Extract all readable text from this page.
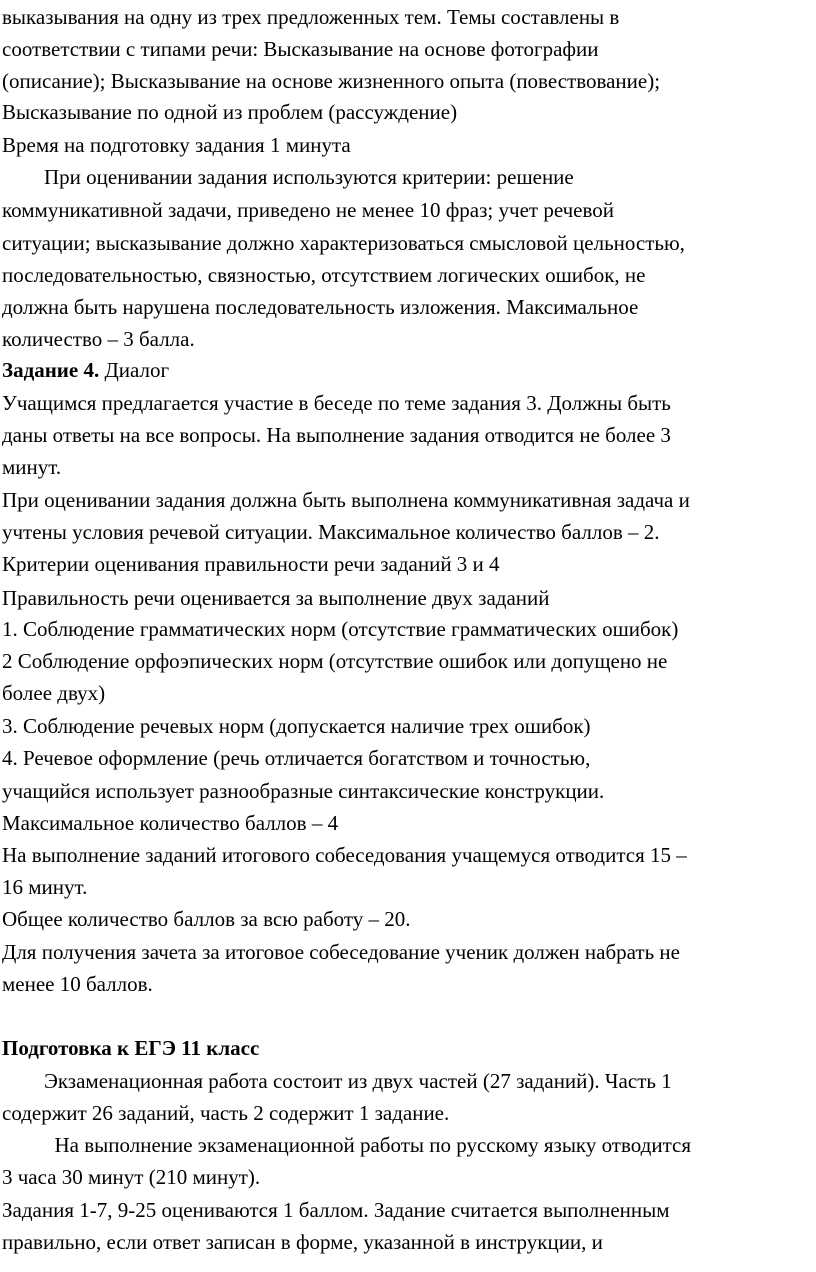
выказывания на одну из трех предложенных тем. Темы составлены в
соответствии с типами речи: Высказывание на основе фотографии
(описание); Высказывание на основе жизненного опыта (повествование);
Высказывание по одной из проблем (рассуждение)
Время на подготовку задания 1 минута
При оценивании задания используются критерии: решение
коммуникативной задачи, приведено не менее 10 фраз; учет речевой
ситуации; высказывание должно характеризоваться смысловой цельностью,
последовательностью, связностью, отсутствием логических ошибок, не
должна быть нарушена последовательность изложения. Максимальное
количество – 3 балла.
Задание 4. Диалог
Учащимся предлагается участие в беседе по теме задания 3. Должны быть
даны ответы на все вопросы. На выполнение задания отводится не более 3
минут.
При оценивании задания должна быть выполнена коммуникативная задача и
учтены условия речевой ситуации. Максимальное количество баллов – 2.
Критерии оценивания правильности речи заданий 3 и 4
Правильность речи оценивается за выполнение двух заданий
1. Соблюдение грамматических норм (отсутствие грамматических ошибок)
2 Соблюдение орфоэпических норм (отсутствие ошибок или допущено не
более двух)
3. Соблюдение речевых норм (допускается наличие трех ошибок)
4. Речевое оформление (речь отличается богатством и точностью,
учащийся использует разнообразные синтаксические конструкции.
Максимальное количество баллов – 4
На выполнение заданий итогового собеседования учащемуся отводится 15 –
16 минут.
Общее количество баллов за всю работу – 20.
Для получения зачета за итоговое собеседование ученик должен набрать не
менее 10 баллов.
Подготовка к ЕГЭ 11 класс
Экзаменационная работа состоит из двух частей (27 заданий). Часть 1
содержит 26 заданий, часть 2 содержит 1 задание.
На выполнение экзаменационной работы по русскому языку отводится
3 часа 30 минут (210 минут).
Задания 1-7, 9-25 оцениваются 1 баллом. Задание считается выполненным
правильно, если ответ записан в форме, указанной в инструкции, и
